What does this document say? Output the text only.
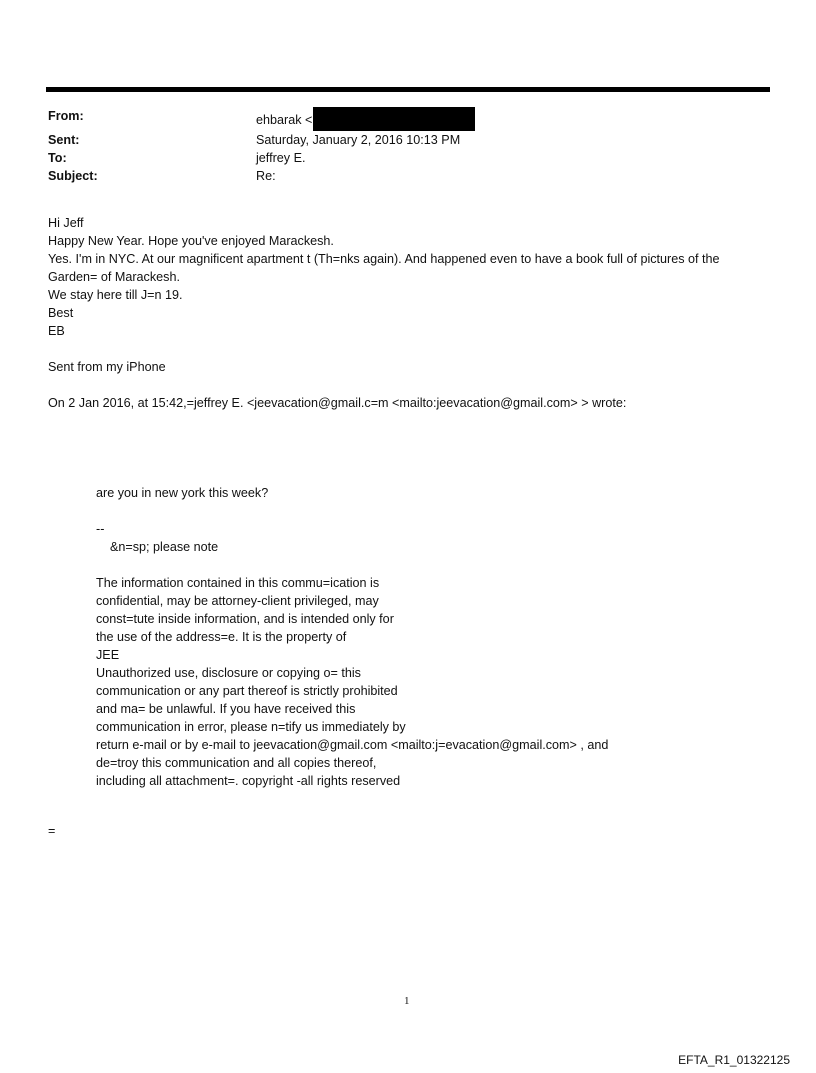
From:	ehbarak <
Sent:	Saturday, January 2, 2016 10:13 PM
To:	jeffrey E.
Subject:	Re:

Hi Jeff

Happy New Year. Hope you've enjoyed Marackesh.

Yes. I'm in NYC. At our magnificent apartment t (Th=nks again). And happened even to have a book full of pictures of the

Garden= of Marackesh.

We stay here till J=n 19.

Best

EB

Sent from my iPhone

On 2 Jan 2016, at 15:42,=jeffrey E. <jeevacation@gmail.c=m <mailto:jeevacation@gmail.com> > wrote:

are you in new york this week?

--

&n=sp; please note

The information contained in this commu=ication is

confidential, may be attorney-client privileged, may

const=tute inside information, and is intended only for

the use of the address=e. It is the property of

JEE

Unauthorized use, disclosure or copying o= this

communication or any part thereof is strictly prohibited

and ma= be unlawful. If you have received this

communication in error, please n=tify us immediately by

return e-mail or by e-mail to jeevacation@gmail.com <mailto:j=evacation@gmail.com> , and

de=troy this communication and all copies thereof,

including all attachment=. copyright -all rights reserved

=
1
EFTA_R1_01322125
